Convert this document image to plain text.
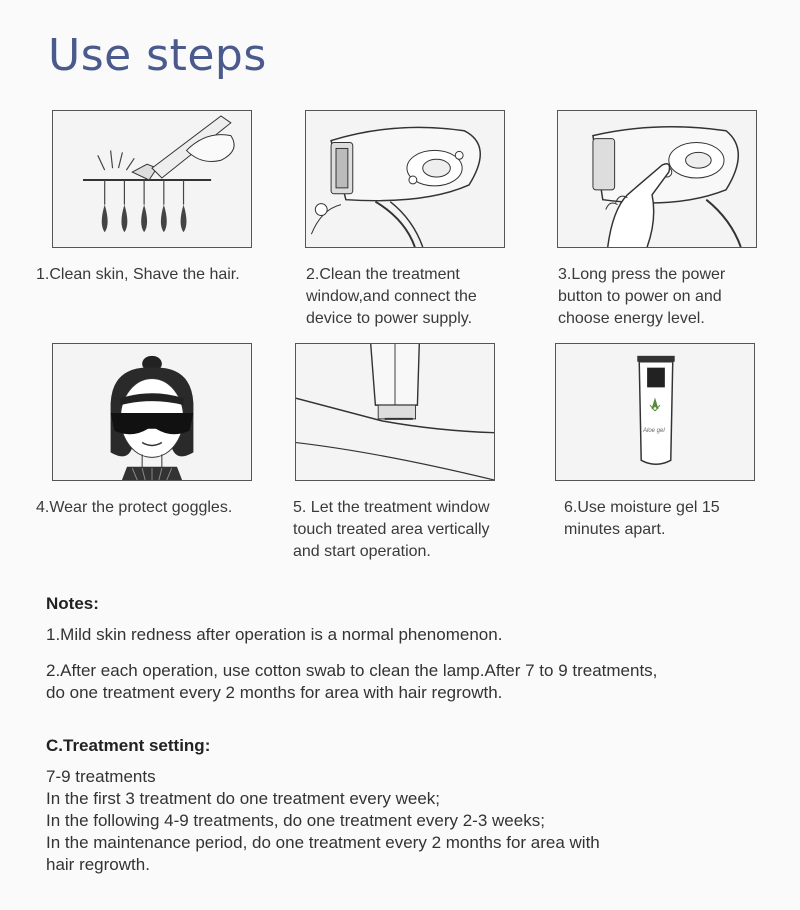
Use steps
1.Clean skin, Shave the hair.	2.Clean the treatment
window,and connect the
device to power supply.
3.Long press the power
button to power on and
choose energy level.
Aloe gel
4.Wear the protect goggles.	5. Let the treatment window
touch treated area vertically
and start operation.
6.Use moisture gel 15
minutes apart.
Notes:
1.Mild skin redness after operation is a normal phenomenon.
2.After each operation, use cotton swab to clean the lamp.After 7 to 9 treatments,
do one treatment every 2 months for area with hair regrowth.
C.Treatment setting:
7-9 treatments
In the first 3 treatment do one treatment every week;
In the following 4-9 treatments, do one treatment every 2-3 weeks;
In the maintenance period, do one treatment every 2 months for area with
hair regrowth.
